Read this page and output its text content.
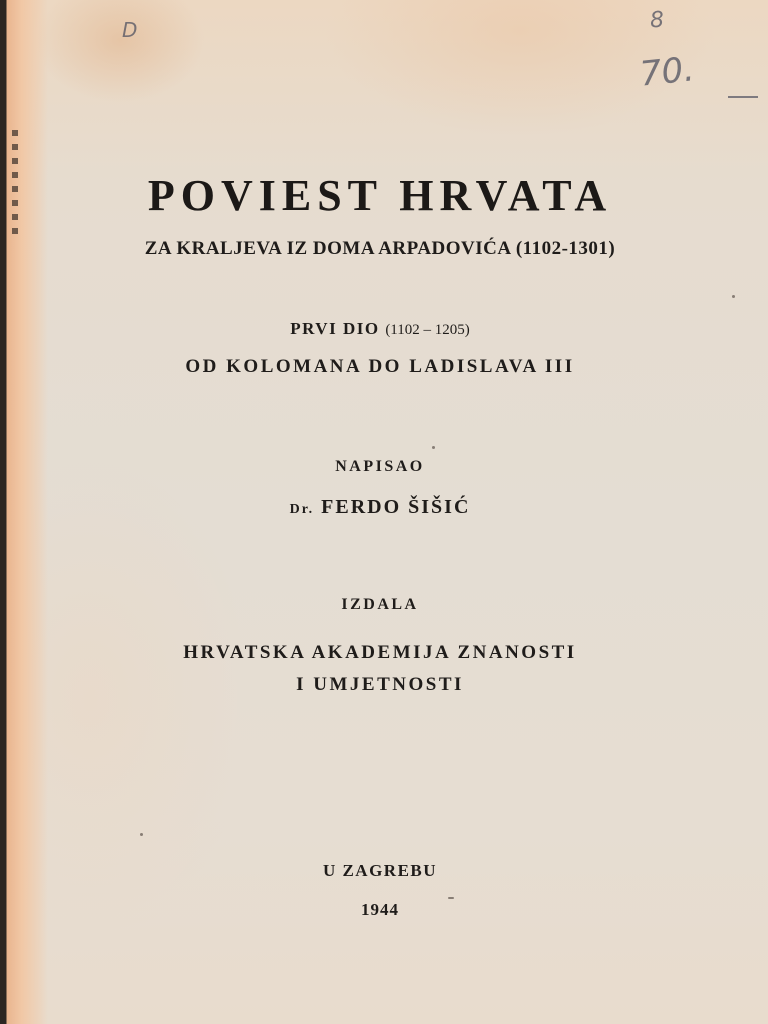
D	8
70.
POVIEST HRVATA
ZA KRALJEVA IZ DOMA ARPADOVIĆA (1102-1301)
PRVI DIO (1102 – 1205)
OD KOLOMANA DO LADISLAVA III
NAPISAO
Dr. FERDO ŠIŠIĆ
IZDALA
HRVATSKA AKADEMIJA ZNANOSTI
I UMJETNOSTI
U ZAGREBU
1944
